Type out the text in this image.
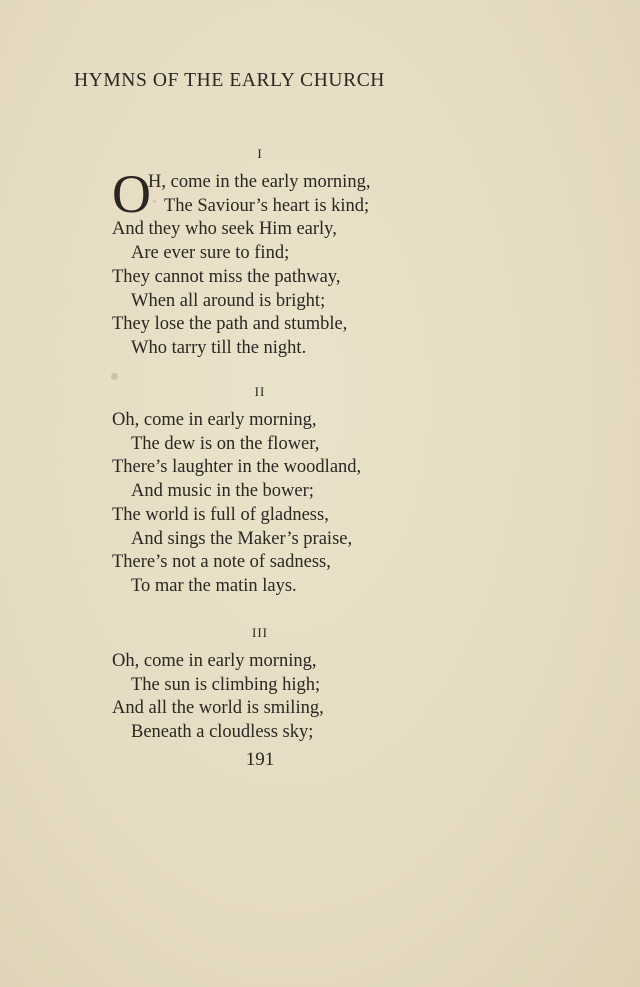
HYMNS OF THE EARLY CHURCH
I
O
H, come in the early morning,
The Saviour’s heart is kind;
And they who seek Him early,
Are ever sure to find;
They cannot miss the pathway,
When all around is bright;
They lose the path and stumble,
Who tarry till the night.
II
Oh, come in early morning,
The dew is on the flower,
There’s laughter in the woodland,
And music in the bower;
The world is full of gladness,
And sings the Maker’s praise,
There’s not a note of sadness,
To mar the matin lays.
III
Oh, come in early morning,
The sun is climbing high;
And all the world is smiling,
Beneath a cloudless sky;
191
